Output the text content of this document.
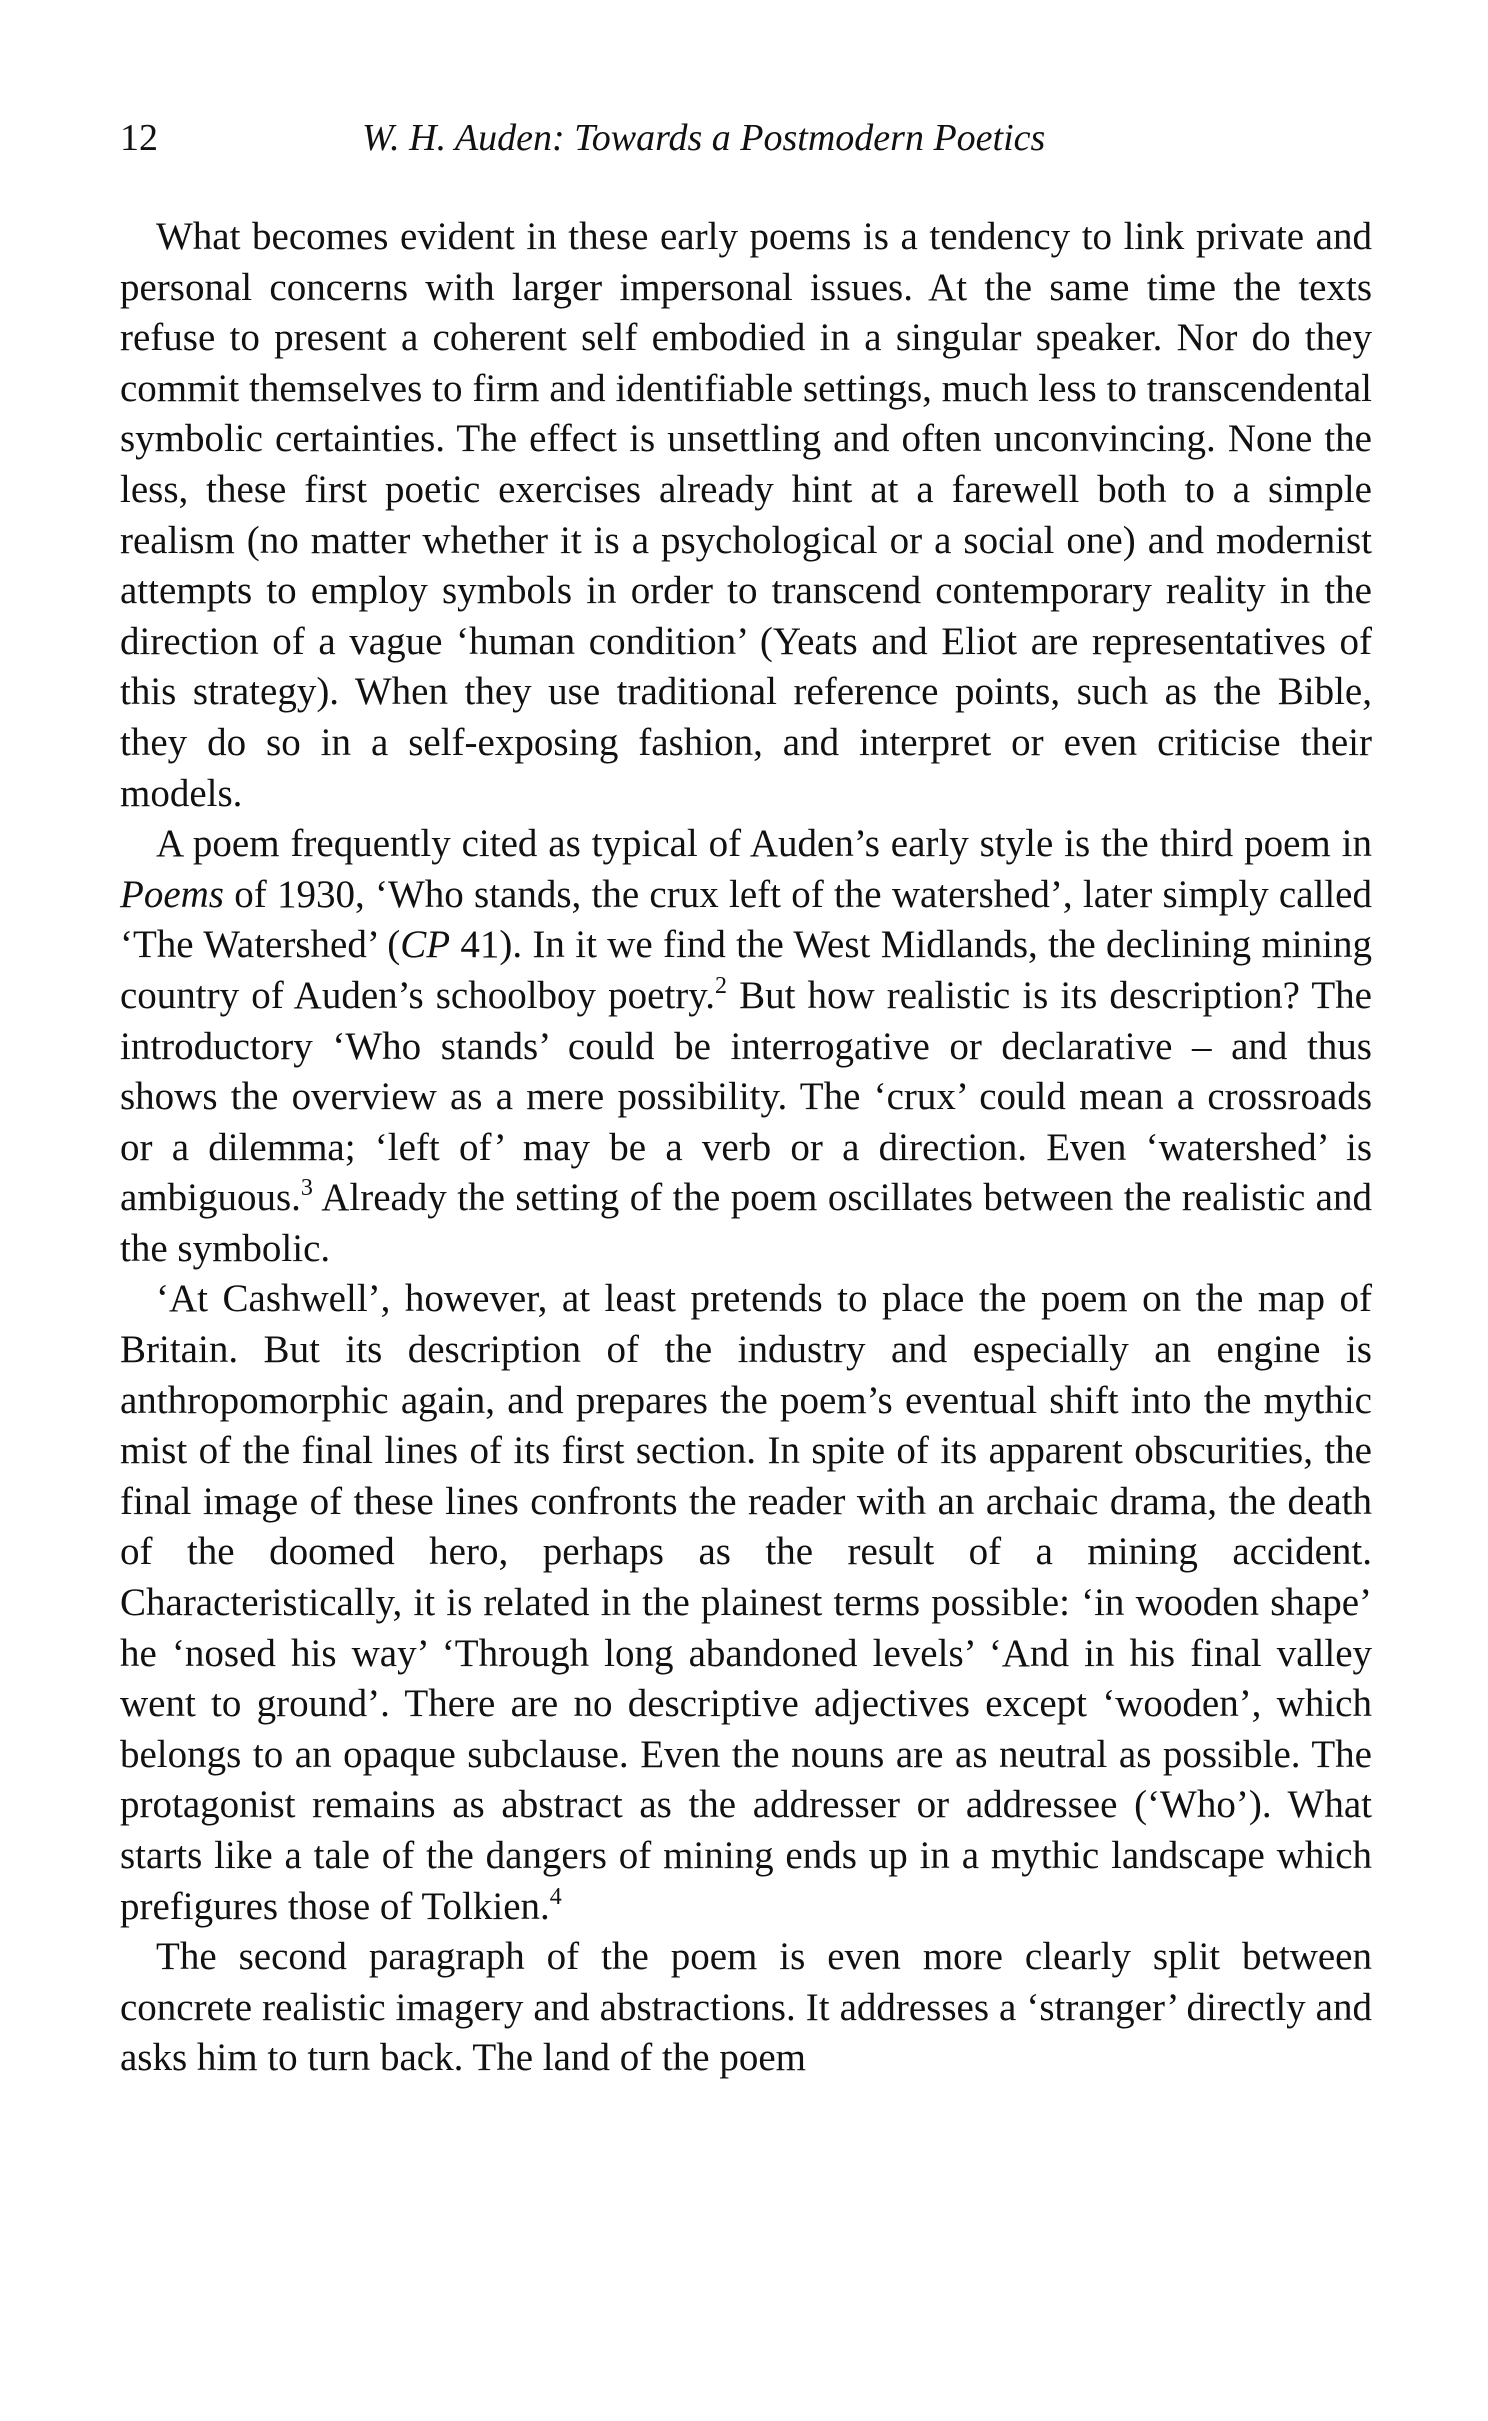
12	W. H. Auden: Towards a Postmodern Poetics

What becomes evident in these early poems is a tendency to link private and personal concerns with larger impersonal issues. At the same time the texts refuse to present a coherent self embodied in a singular speaker. Nor do they commit themselves to firm and identifiable settings, much less to transcendental symbolic certainties. The effect is unsettling and often unconvincing. None the less, these first poetic exercises already hint at a farewell both to a simple realism (no matter whether it is a psychological or a social one) and modernist attempts to employ symbols in order to transcend contemporary reality in the direction of a vague ‘human condition’ (Yeats and Eliot are representatives of this strategy). When they use traditional reference points, such as the Bible, they do so in a self-exposing fashion, and interpret or even criticise their models.

A poem frequently cited as typical of Auden’s early style is the third poem in Poems of 1930, ‘Who stands, the crux left of the watershed’, later simply called ‘The Watershed’ (CP 41). In it we find the West Midlands, the declining mining country of Auden’s schoolboy poetry.$^2$ But how realistic is its description? The introductory ‘Who stands’ could be interrogative or declarative – and thus shows the overview as a mere possibility. The ‘crux’ could mean a crossroads or a dilemma; ‘left of’ may be a verb or a direction. Even ‘watershed’ is ambiguous.$^3$ Already the setting of the poem oscillates between the realistic and the symbolic.

‘At Cashwell’, however, at least pretends to place the poem on the map of Britain. But its description of the industry and especially an engine is anthropomorphic again, and prepares the poem’s eventual shift into the mythic mist of the final lines of its first section. In spite of its apparent obscurities, the final image of these lines confronts the reader with an archaic drama, the death of the doomed hero, perhaps as the result of a mining accident. Characteristically, it is related in the plainest terms possible: ‘in wooden shape’ he ‘nosed his way’ ‘Through long abandoned levels’ ‘And in his final valley went to ground’. There are no descriptive adjectives except ‘wooden’, which belongs to an opaque subclause. Even the nouns are as neutral as possible. The protagonist remains as abstract as the addresser or addressee (‘Who’). What starts like a tale of the dangers of mining ends up in a mythic landscape which prefigures those of Tolkien.$^4$

The second paragraph of the poem is even more clearly split between concrete realistic imagery and abstractions. It addresses a ‘stranger’ directly and asks him to turn back. The land of the poem
